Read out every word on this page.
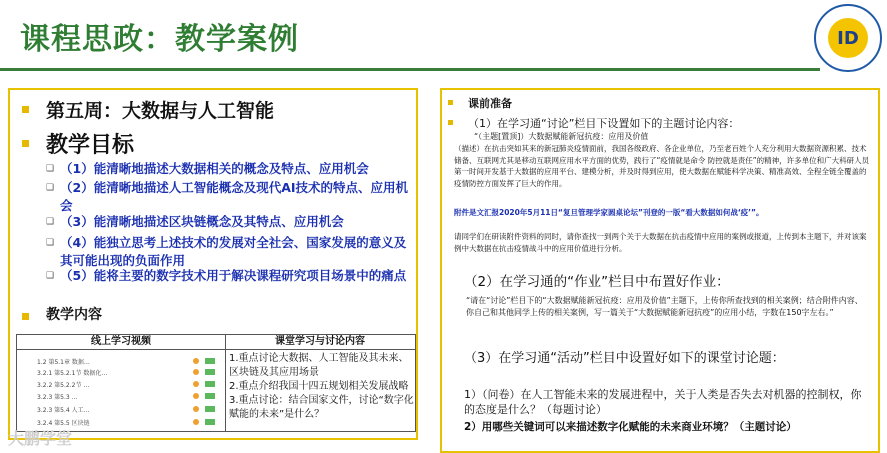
课程思政：教学案例	ID
第五周：大数据与人工智能
教学目标
❑ （1）能清晰地描述大数据相关的概念及特点、应用机会
❑ （2）能清晰地描述人工智能概念及现代AI技术的特点、应用机会
❑ （3）能清晰地描述区块链概念及其特点、应用机会
❑ （4）能独立思考上述技术的发展对全社会、国家发展的意义及其可能出现的负面作用
❑ （5）能将主要的数字技术用于解决课程研究项目场景中的痛点
教学内容
线上学习视频	课堂学习与讨论内容
1.2 第5.1章 数据…
3.2.1 第5.2.1节 数据化…
3.2.2 第5.2.2节 …
3.2.3 第5.3 …
3.2.3 第5.4 人工…
3.2.4 第5.5 区块链
1.重点讨论大数据、人工智能及其未来、区块链及其应用场景
2.重点介绍我国十四五规划相关发展战略
3.重点讨论：结合国家文件，讨论“数字化赋能的未来”是什么？
大鹏学堂
课前准备
（1）在学习通“讨论”栏目下设置如下的主题讨论内容：
“（主题[置顶]）大数据赋能新冠抗疫：应用及价值
（描述）在抗击突如其来的新冠肺炎疫情面前，我国各级政府、各企业单位，乃至老百姓个人充分利用大数据资源积累、技术储备、互联网尤其是移动互联网应用水平方面的优势，践行了“疫情就是命令 防控就是责任”的精神，许多单位和广大科研人员第一时间开发基于大数据的应用平台、建模分析，并及时得到应用，使大数据在赋能科学决策、精准高效、全程全链全覆盖的疫情防控方面发挥了巨大的作用。
附件是文汇报2020年5月11日“复旦管理学家圆桌论坛”刊登的一版“看大数据如何战‘疫’”。
请同学们在研读附件资料的同时，请你查找一到两个关于大数据在抗击疫情中应用的案例或报道，上传到本主题下，并对该案例中大数据在抗击疫情战斗中的应用价值进行分析。
（2）在学习通的“作业”栏目中布置好作业：
“请在“讨论”栏目下的“大数据赋能新冠抗疫：应用及价值”主题下，上传你所查找到的相关案例；结合附件内容、你自己和其他同学上传的相关案例，写一篇关于“大数据赋能新冠抗疫”的应用小结，字数在150字左右。”
（3）在学习通“活动”栏目中设置好如下的课堂讨论题：
1）（问卷）在人工智能未来的发展进程中，关于人类是否失去对机器的控制权，你的态度是什么？（每题讨论）
2）用哪些关键词可以来描述数字化赋能的未来商业环境？（主题讨论）
